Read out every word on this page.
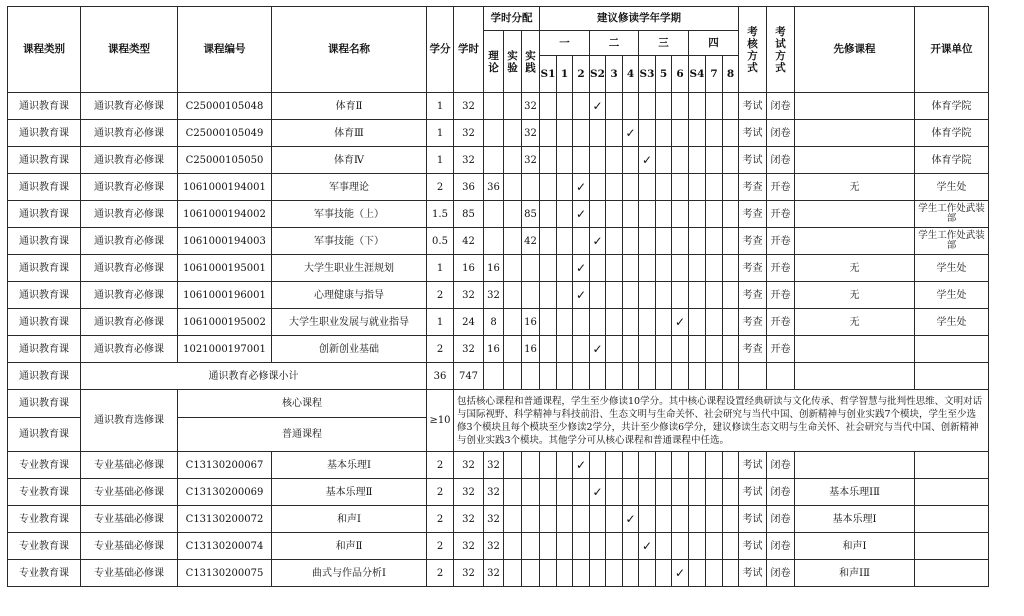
课程类别	课程类型	课程编号	课程名称	学分	学时	学时分配			建议修读学年学期												考核方式	考试方式	先修课程	开课单位
						理论	实验	实践	一			二			三			四						
									S1	1	2	S2	3	4	S3	5	6	S4	7	8				
通识教育课	通识教育必修课	C25000105048	体育Ⅱ	1	32			32				✓									考试	闭卷		体育学院
通识教育课	通识教育必修课	C25000105049	体育Ⅲ	1	32			32						✓							考试	闭卷		体育学院
通识教育课	通识教育必修课	C25000105050	体育Ⅳ	1	32			32							✓						考试	闭卷		体育学院
通识教育课	通识教育必修课	1061000194001	军事理论	2	36	36					✓										考查	开卷	无	学生处
通识教育课	通识教育必修课	1061000194002	军事技能（上）	1.5	85			85			✓										考查	开卷		学生工作处武装部
通识教育课	通识教育必修课	1061000194003	军事技能（下）	0.5	42			42				✓									考查	开卷		学生工作处武装部
通识教育课	通识教育必修课	1061000195001	大学生职业生涯规划	1	16	16					✓										考查	开卷	无	学生处
通识教育课	通识教育必修课	1061000196001	心理健康与指导	2	32	32					✓										考查	开卷	无	学生处
通识教育课	通识教育必修课	1061000195002	大学生职业发展与就业指导	1	24	8		16									✓				考查	开卷	无	学生处
通识教育课	通识教育必修课	1021000197001	创新创业基础	2	32	16		16				✓									考查	开卷		
通识教育课	通识教育必修课小计			36	747																			
通识教育课	通识教育选修课	核心课程		≥10	包括核心课程和普通课程，学生至少修读10学分。其中核心课程设置经典研读与文化传承、哲学智慧与批判性思维、文明对话与国际视野、科学精神与科技前沿、生态文明与生命关怀、社会研究与当代中国、创新精神与创业实践7个模块，学生至少选修3个模块且每个模块至少修读2学分，共计至少修读6学分，建议修读生态文明与生命关怀、社会研究与当代中国、创新精神与创业实践3个模块。其他学分可从核心课程和普通课程中任选。																			
通识教育课		普通课程																						
专业教育课	专业基础必修课	C13130200067	基本乐理Ⅰ	2	32	32					✓										考试	闭卷		
专业教育课	专业基础必修课	C13130200069	基本乐理Ⅱ	2	32	32						✓									考试	闭卷	基本乐理ⅠⅡ	
专业教育课	专业基础必修课	C13130200072	和声Ⅰ	2	32	32								✓							考试	闭卷	基本乐理Ⅰ	
专业教育课	专业基础必修课	C13130200074	和声Ⅱ	2	32	32									✓						考试	闭卷	和声Ⅰ	
专业教育课	专业基础必修课	C13130200075	曲式与作品分析Ⅰ	2	32	32											✓				考试	闭卷	和声ⅠⅡ	
